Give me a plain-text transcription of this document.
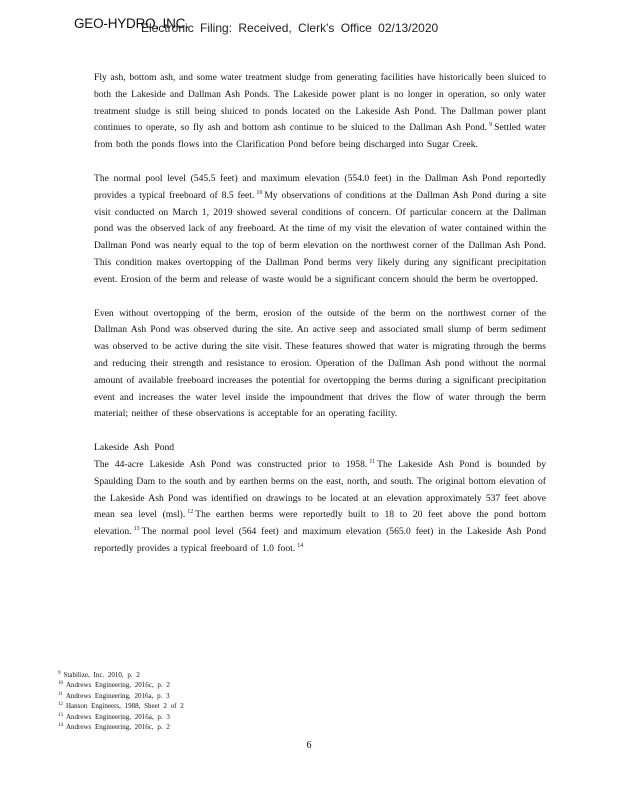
GEO-HYDRO, INC.
Electronic Filing: Received, Clerk's Office 02/13/2020

Fly ash, bottom ash, and some water treatment sludge from generating facilities have historically been sluiced to both the Lakeside and Dallman Ash Ponds. The Lakeside power plant is no longer in operation, so only water treatment sludge is still being sluiced to ponds located on the Lakeside Ash Pond. The Dallman power plant continues to operate, so fly ash and bottom ash continue to be sluiced to the Dallman Ash Pond. $^9$ Settled water from both the ponds flows into the Clarification Pond before being discharged into Sugar Creek.

The normal pool level (545.5 feet) and maximum elevation (554.0 feet) in the Dallman Ash Pond reportedly provides a typical freeboard of 8.5 feet. $^{10}$ My observations of conditions at the Dallman Ash Pond during a site visit conducted on March 1, 2019 showed several conditions of concern. Of particular concern at the Dallman pond was the observed lack of any freeboard. At the time of my visit the elevation of water contained within the Dallman Pond was nearly equal to the top of berm elevation on the northwest corner of the Dallman Ash Pond. This condition makes overtopping of the Dallman Pond berms very likely during any significant precipitation event. Erosion of the berm and release of waste would be a significant concern should the berm be overtopped.

Even without overtopping of the berm, erosion of the outside of the berm on the northwest corner of the Dallman Ash Pond was observed during the site. An active seep and associated small slump of berm sediment was observed to be active during the site visit. These features showed that water is migrating through the berms and reducing their strength and resistance to erosion. Operation of the Dallman Ash pond without the normal amount of available freeboard increases the potential for overtopping the berms during a significant precipitation event and increases the water level inside the impoundment that drives the flow of water through the berm material; neither of these observations is acceptable for an operating facility.

Lakeside Ash Pond

The 44-acre Lakeside Ash Pond was constructed prior to 1958. $^{11}$ The Lakeside Ash Pond is bounded by Spaulding Dam to the south and by earthen berms on the east, north, and south. The original bottom elevation of the Lakeside Ash Pond was identified on drawings to be located at an elevation approximately 537 feet above mean sea level (msl). $^{12}$ The earthen berms were reportedly built to 18 to 20 feet above the pond bottom elevation. $^{13}$ The normal pool level (564 feet) and maximum elevation (565.0 feet) in the Lakeside Ash Pond reportedly provides a typical freeboard of 1.0 foot. $^{14}$

$^9$ Stabilize, Inc. 2010, p. 2

$^{10}$ Andrews Engineering, 2016c, p. 2

$^{11}$ Andrews Engineering, 2016a, p. 3

$^{12}$ Hanson Engineers, 1988, Sheet 2 of 2

$^{13}$ Andrews Engineering, 2016a, p. 3

$^{14}$ Andrews Engineering, 2016c, p. 2

6
